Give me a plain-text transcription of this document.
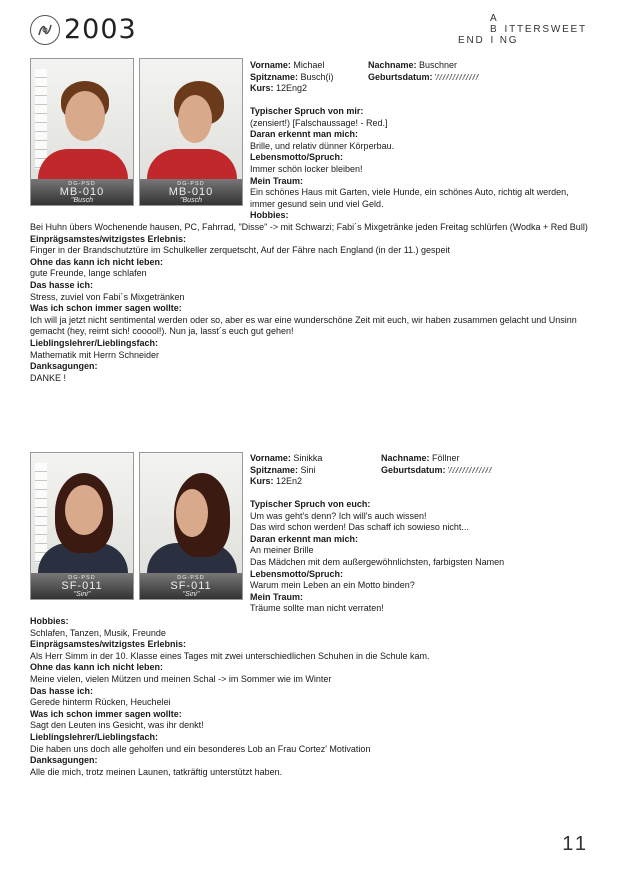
2003	A
B ITTERSWEET
END I NG
DG-PSD
MB-010
"Busch
DG-PSD
MB-010
"Busch
Vorname: Michael
Spitzname: Busch(i)
Kurs: 12Eng2
Nachname: Buschner
Geburtsdatum:
Typischer Spruch von mir:
(zensiert!) [Falschaussage! - Red.]
Daran erkennt man mich:
Brille, und relativ dünner Körperbau.
Lebensmotto/Spruch:
Immer schön locker bleiben!
Mein Traum:
Ein schönes Haus mit Garten, viele Hunde, ein schönes Auto, richtig alt werden, immer gesund sein und viel Geld.
Hobbies:
Bei Huhn übers Wochenende hausen, PC, Fahrrad, "Disse" -> mit Schwarzi; Fabi´s Mixgetränke jeden Freitag schlürfen (Wodka + Red Bull)
Einprägsamstes/witzigstes Erlebnis:
Finger in der Brandschutztüre im Schulkeller zerquetscht, Auf der Fähre nach England (in der 11.) gespeit
Ohne das kann ich nicht leben:
gute Freunde, lange schlafen
Das hasse ich:
Stress, zuviel von Fabi´s Mixgetränken
Was ich schon immer sagen wollte:
Ich will ja jetzt nicht sentimental werden oder so, aber es war eine wunderschöne Zeit mit euch, wir haben zusammen gelacht und Unsinn gemacht (hey, reimt sich! cooool!). Nun ja, lasst´s euch gut gehen!
Lieblingslehrer/Lieblingsfach:
Mathematik mit Herrn Schneider
Danksagungen:
DANKE !
DG-PSD
SF-011
"Sini"
DG-PSD
SF-011
"Sini"
Vorname: Sinikka
Spitzname: Sini
Kurs: 12En2
Nachname: Föllner
Geburtsdatum:
Typischer Spruch von euch:
Um was geht's denn? Ich will's auch wissen!
Das wird schon werden! Das schaff ich sowieso nicht...
Daran erkennt man mich:
An meiner Brille
Das Mädchen mit dem außergewöhnlichsten, farbigsten Namen
Lebensmotto/Spruch:
Warum mein Leben an ein Motto binden?
Mein Traum:
Träume sollte man nicht verraten!
Hobbies:
Schlafen, Tanzen, Musik, Freunde
Einprägsamstes/witzigstes Erlebnis:
Als Herr Simm in der 10. Klasse eines Tages mit zwei unterschiedlichen Schuhen in die Schule kam.
Ohne das kann ich nicht leben:
Meine vielen, vielen Mützen und meinen Schal -> im Sommer wie im Winter
Das hasse ich:
Gerede hinterm Rücken, Heuchelei
Was ich schon immer sagen wollte:
Sagt den Leuten ins Gesicht, was ihr denkt!
Lieblingslehrer/Lieblingsfach:
Die haben uns doch alle geholfen und ein besonderes Lob an Frau Cortez' Motivation
Danksagungen:
Alle die mich, trotz meinen Launen, tatkräftig unterstützt haben.
11
